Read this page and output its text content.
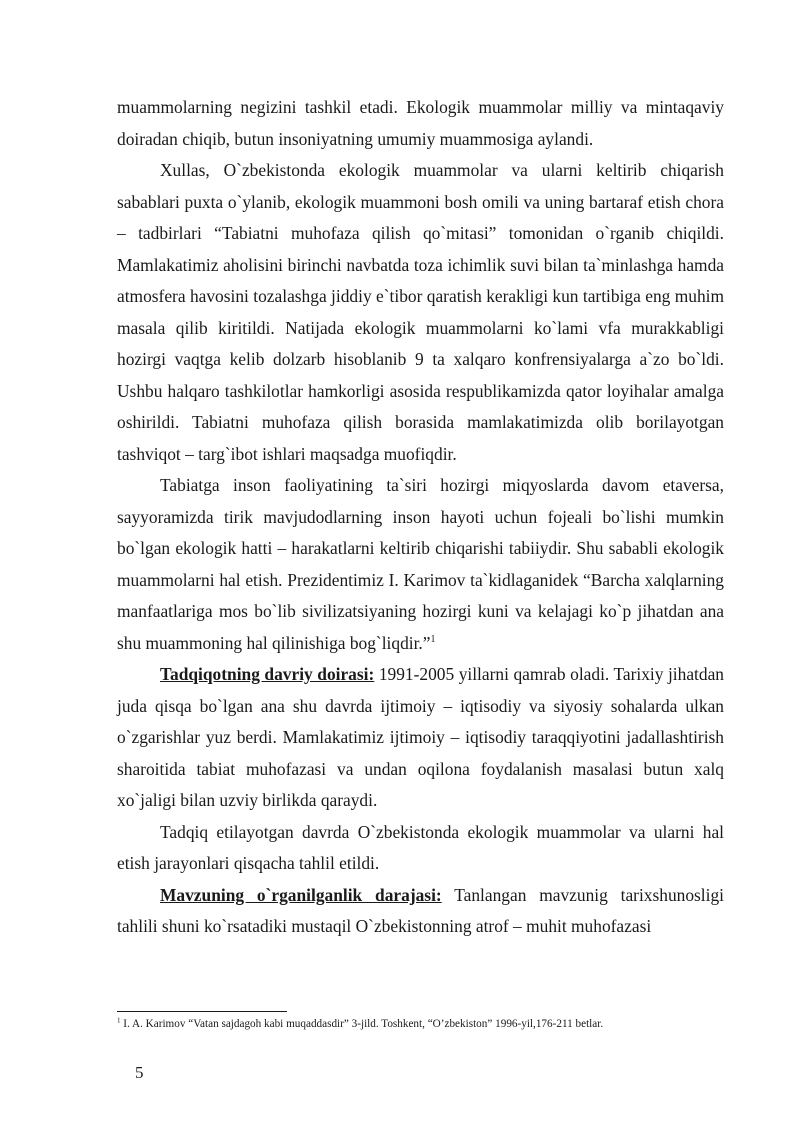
muammolarning negizini tashkil etadi. Ekologik muammolar milliy va mintaqaviy doiradan chiqib, butun insoniyatning umumiy muammosiga aylandi.

Xullas, O`zbekistonda ekologik muammolar va ularni keltirib chiqarish sabablari puxta o`ylanib, ekologik muammoni bosh omili va uning bartaraf etish chora – tadbirlari “Tabiatni muhofaza qilish qo`mitasi” tomonidan o`rganib chiqildi. Mamlakatimiz aholisini birinchi navbatda toza ichimlik suvi bilan ta`minlashga hamda atmosfera havosini tozalashga jiddiy e`tibor qaratish kerakligi kun tartibiga eng muhim masala qilib kiritildi. Natijada ekologik muammolarni ko`lami vfa murakkabligi hozirgi vaqtga kelib dolzarb hisoblanib 9 ta xalqaro konfrensiyalarga a`zo bo`ldi. Ushbu halqaro tashkilotlar hamkorligi asosida respublikamizda qator loyihalar amalga oshirildi. Tabiatni muhofaza qilish borasida mamlakatimizda olib borilayotgan tashviqot – targ`ibot ishlari maqsadga muofiqdir.

Tabiatga inson faoliyatining ta`siri hozirgi miqyoslarda davom etaversa, sayyoramizda tirik mavjudodlarning inson hayoti uchun fojeali bo`lishi mumkin bo`lgan ekologik hatti – harakatlarni keltirib chiqarishi tabiiydir. Shu sababli ekologik muammolarni hal etish. Prezidentimiz I. Karimov ta`kidlaganidek “Barcha xalqlarning manfaatlariga mos bo`lib sivilizatsiyaning hozirgi kuni va kelajagi ko`p jihatdan ana shu muammoning hal qilinishiga bog`liqdir.”$^1$

Tadqiqotning davriy doirasi: 1991-2005 yillarni qamrab oladi. Tarixiy jihatdan juda qisqa bo`lgan ana shu davrda ijtimoiy – iqtisodiy va siyosiy sohalarda ulkan o`zgarishlar yuz berdi. Mamlakatimiz ijtimoiy – iqtisodiy taraqqiyotini jadallashtirish sharoitida tabiat muhofazasi va undan oqilona foydalanish masalasi butun xalq xo`jaligi bilan uzviy birlikda qaraydi.

Tadqiq etilayotgan davrda O`zbekistonda ekologik muammolar va ularni hal etish jarayonlari qisqacha tahlil etildi.

Mavzuning o`rganilganlik darajasi: Tanlangan mavzunig tarixshunosligi tahlili shuni ko`rsatadiki mustaqil O`zbekistonning atrof – muhit muhofazasi

$^1$ I. A. Karimov “Vatan sajdagoh kabi muqaddasdir” 3-jild. Toshkent, “O’zbekiston” 1996-yil,176-211 betlar.
5
